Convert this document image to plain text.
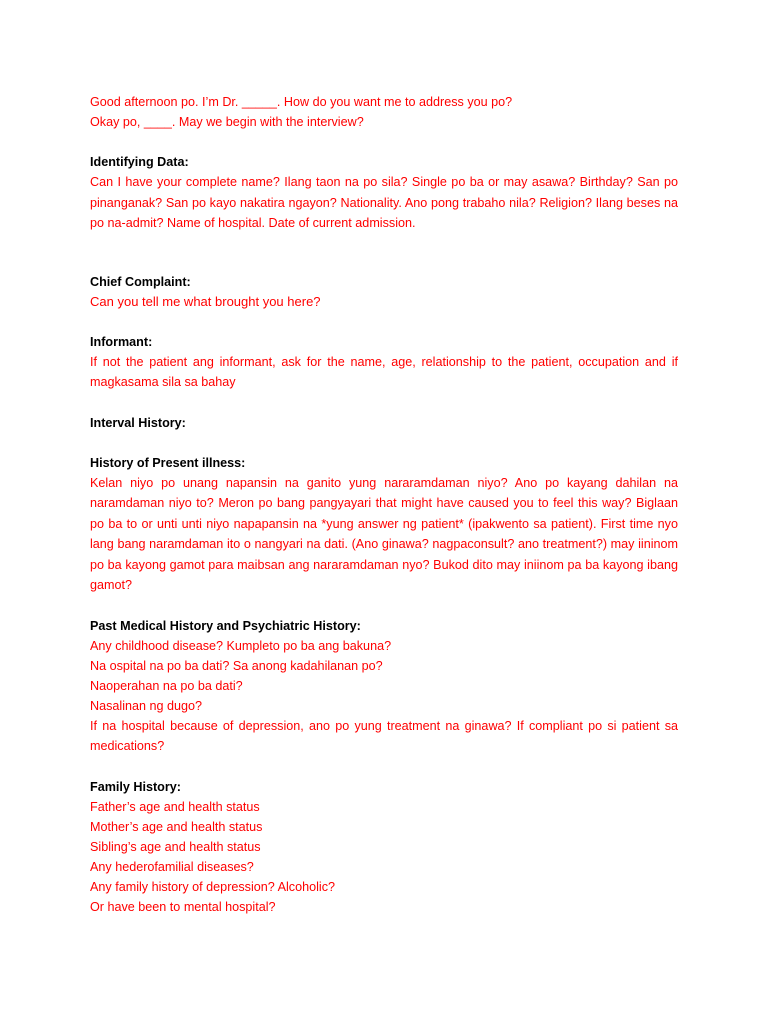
Good afternoon po. I’m Dr. _____. How do you want me to address you po?
Okay po, ____. May we begin with the interview?
Identifying Data:
Can I have your complete name? Ilang taon na po sila? Single po ba or may asawa? Birthday? San po pinanganak? San po kayo nakatira ngayon? Nationality. Ano pong trabaho nila? Religion? Ilang beses na po na-admit? Name of hospital. Date of current admission.
Chief Complaint:
Can you tell me what brought you here?
Informant:
If not the patient ang informant, ask for the name, age, relationship to the patient, occupation and if magkasama sila sa bahay
Interval History:
History of Present illness:
Kelan niyo po unang napansin na ganito yung nararamdaman niyo? Ano po kayang dahilan na naramdaman niyo to? Meron po bang pangyayari that might have caused you to feel this way? Biglaan po ba to or unti unti niyo napapansin na *yung answer ng patient* (ipakwento sa patient). First time nyo lang bang naramdaman ito o nangyari na dati. (Ano ginawa? nagpaconsult? ano treatment?) may iininom po ba kayong gamot para maibsan ang nararamdaman nyo? Bukod dito may iniinom pa ba kayong ibang gamot?
Past Medical History and Psychiatric History:
Any childhood disease? Kumpleto po ba ang bakuna?
Na ospital na po ba dati? Sa anong kadahilanan po?
Naoperahan na po ba dati?
Nasalinan ng dugo?
If na hospital because of depression, ano po yung treatment na ginawa? If compliant po si patient sa medications?
Family History:
Father’s age and health status
Mother’s age and health status
Sibling’s age and health status
Any hederofamilial diseases?
Any family history of depression? Alcoholic?
Or have been to mental hospital?
